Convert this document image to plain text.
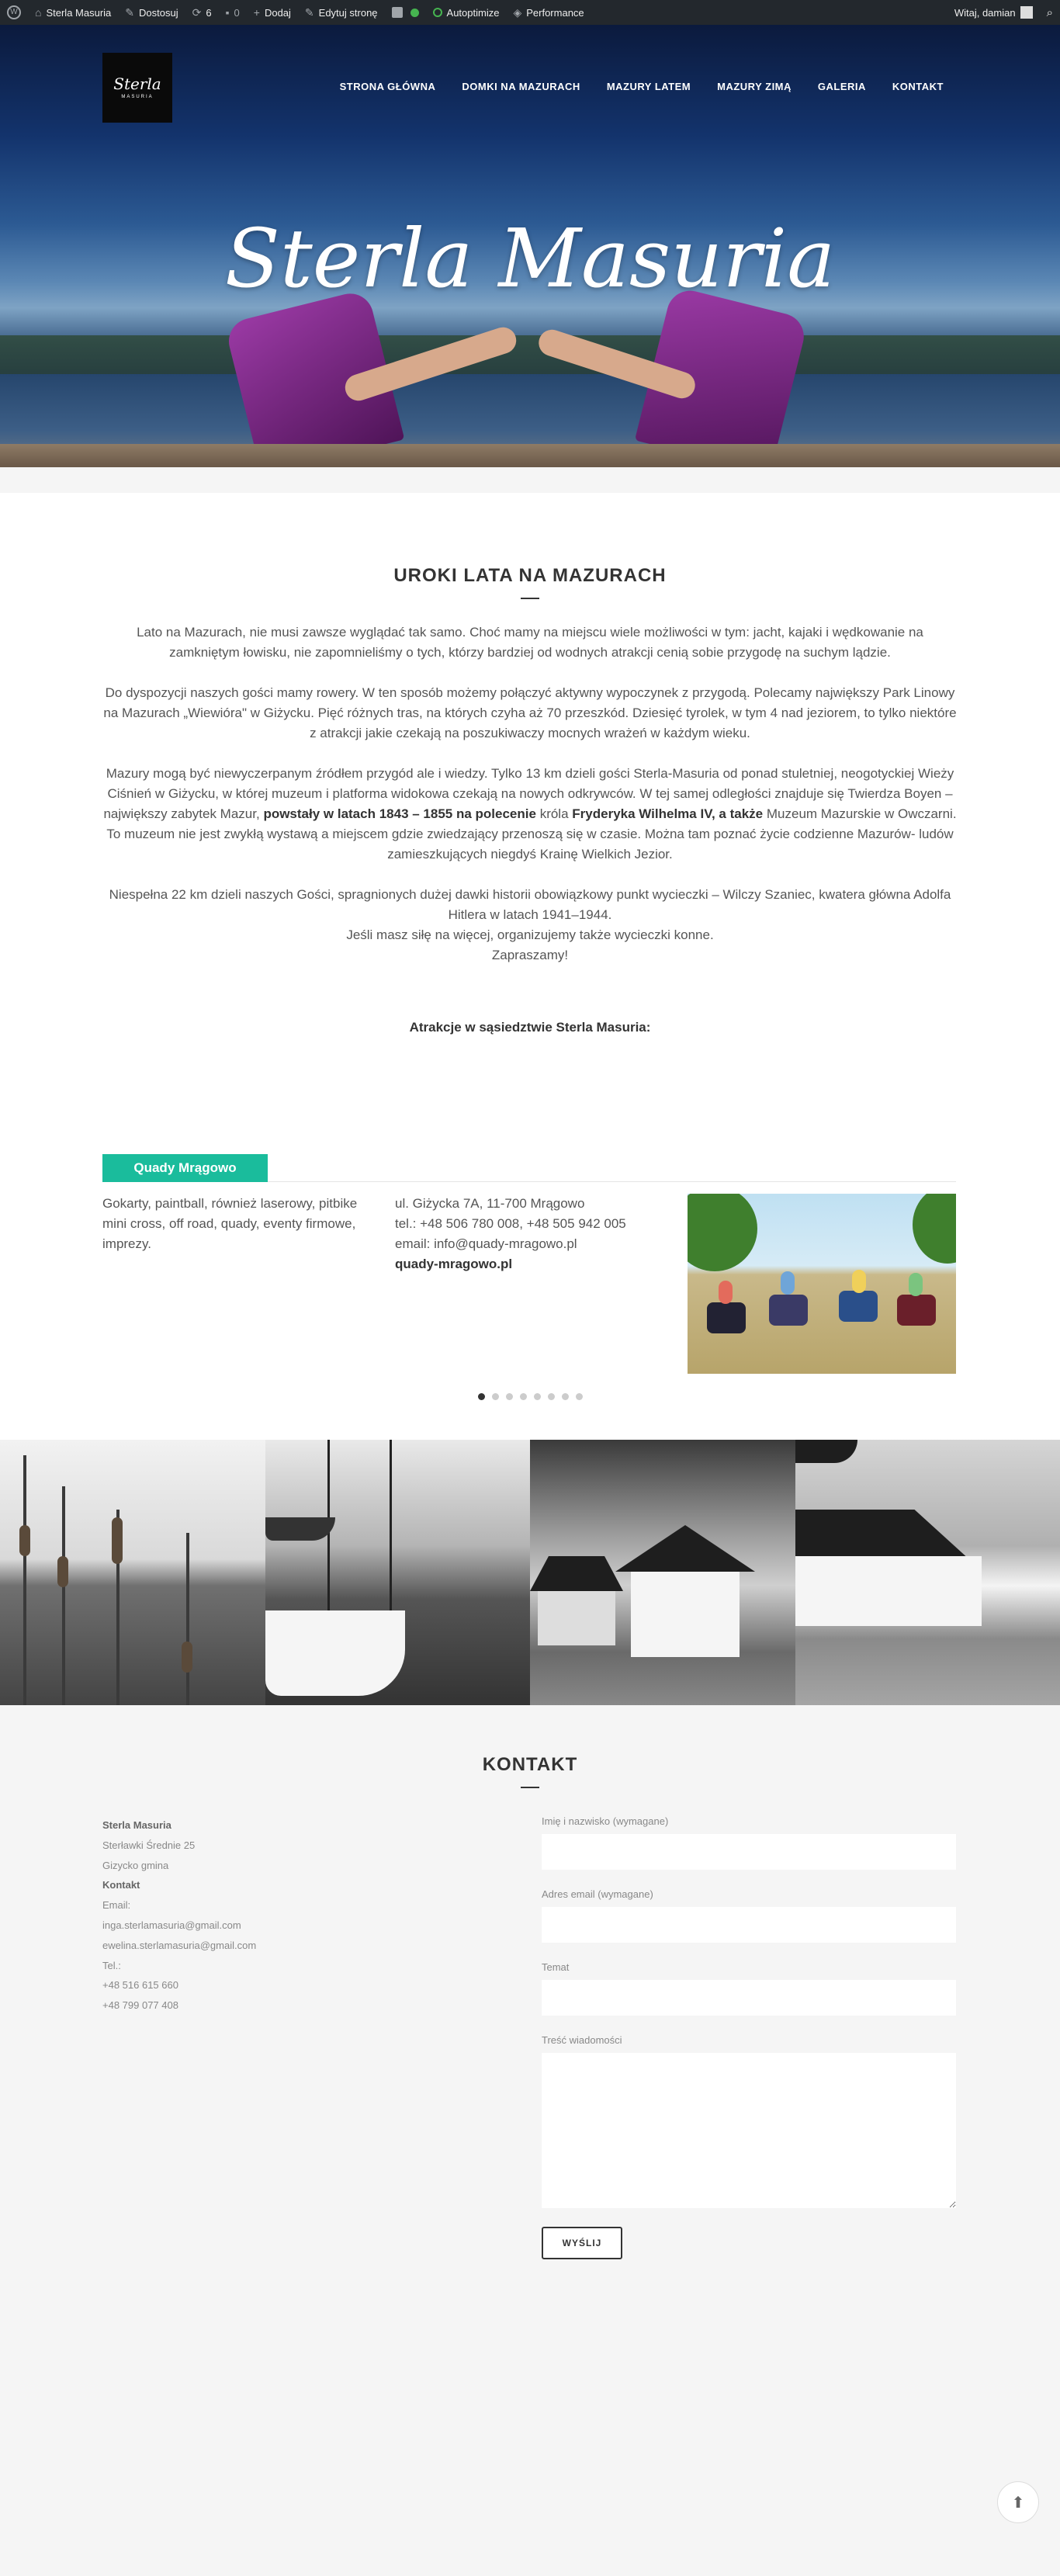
W	⌂ Sterla Masuria ✎ Dostosuj ⟳ 6 ▪ 0 + Dodaj ✎ Edytuj stronę	Autoptimize ◈ Performance	Witaj, damian	⌕
Sterla
MASURIA
STRONA GŁÓWNA	DOMKI NA MAZURACH	MAZURY LATEM	MAZURY ZIMĄ	GALERIA	KONTAKT
Sterla Masuria
UROKI LATA NA MAZURACH

Lato na Mazurach, nie musi zawsze wyglądać tak samo. Choć mamy na miejscu wiele możliwości w tym: jacht, kajaki i wędkowanie na zamkniętym łowisku, nie zapomnieliśmy o tych, którzy bardziej od wodnych atrakcji cenią sobie przygodę na suchym lądzie.

Do dyspozycji naszych gości mamy rowery. W ten sposób możemy połączyć aktywny wypoczynek z przygodą. Polecamy największy Park Linowy na Mazurach „Wiewióra" w Giżycku. Pięć różnych tras, na których czyha aż 70 przeszkód. Dziesięć tyrolek, w tym 4 nad jeziorem, to tylko niektóre z atrakcji jakie czekają na poszukiwaczy mocnych wrażeń w każdym wieku.

Mazury mogą być niewyczerpanym źródłem przygód ale i wiedzy. Tylko 13 km dzieli gości Sterla-Masuria od ponad stuletniej, neogotyckiej Wieży Ciśnień w Giżycku, w której muzeum i platforma widokowa czekają na nowych odkrywców. W tej samej odległości znajduje się Twierdza Boyen – największy zabytek Mazur, powstały w latach 1843 – 1855 na polecenie króla Fryderyka Wilhelma IV, a także Muzeum Mazurskie w Owczarni. To muzeum nie jest zwykłą wystawą a miejscem gdzie zwiedzający przenoszą się w czasie. Można tam poznać życie codzienne Mazurów- ludów zamieszkujących niegdyś Krainę Wielkich Jezior.

Niespełna 22 km dzieli naszych Gości, spragnionych dużej dawki historii obowiązkowy punkt wycieczki – Wilczy Szaniec, kwatera główna Adolfa Hitlera w latach 1941–1944.
Jeśli masz siłę na więcej, organizujemy także wycieczki konne.
Zapraszamy!

Atrakcje w sąsiedztwie Sterla Masuria:
Quady Mrągowo
Gokarty, paintball, również laserowy, pitbike mini cross, off road, quady, eventy firmowe, imprezy.
ul. Giżycka 7A, 11-700 Mrągowo
tel.: +48 506 780 008, +48 505 942 005
email: info@quady-mragowo.pl
quady-mragowo.pl
KONTAKT
Sterla Masuria
Sterławki Średnie 25
Gizycko gmina
Kontakt
Email:
inga.sterlamasuria@gmail.com
ewelina.sterlamasuria@gmail.com
Tel.:
+48 516 615 660
+48 799 077 408
Imię i nazwisko (wymagane)
Adres email (wymagane)
Temat
Treść wiadomości
WYŚLIJ
⬆
